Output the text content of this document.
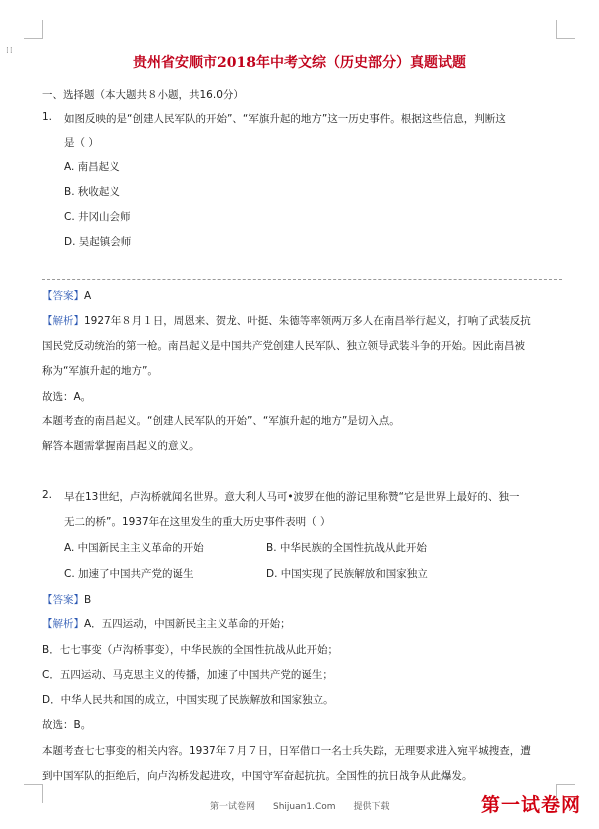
⁞⁞
贵州省安顺市2018年中考文综（历史部分）真题试题
一、选择题（本大题共８小题，共16.0分）
1. 如图反映的是“创建人民军队的开始”、“军旗升起的地方”这一历史事件。根据这些信息，判断这
是（ ）
A. 南昌起义
B. 秋收起义
C. 井冈山会师
D. 吴起镇会师
【答案】A
【解析】1927年８月１日，周恩来、贺龙、叶挺、朱德等率领两万多人在南昌举行起义，打响了武装反抗
国民党反动统治的第一枪。南昌起义是中国共产党创建人民军队、独立领导武装斗争的开始。因此南昌被
称为“军旗升起的地方”。
故选：A。
本题考查的南昌起义。“创建人民军队的开始”、“军旗升起的地方”是切入点。
解答本题需掌握南昌起义的意义。
2. 早在13世纪，卢沟桥就闻名世界。意大利人马可•波罗在他的游记里称赞“它是世界上最好的、独一
无二的桥”。1937年在这里发生的重大历史事件表明（ ）
A. 中国新民主主义革命的开始	B. 中华民族的全国性抗战从此开始
C. 加速了中国共产党的诞生	D. 中国实现了民族解放和国家独立
【答案】B
【解析】A．五四运动，中国新民主主义革命的开始；
B．七七事变（卢沟桥事变），中华民族的全国性抗战从此开始；
C．五四运动、马克思主义的传播，加速了中国共产党的诞生；
D．中华人民共和国的成立，中国实现了民族解放和国家独立。
故选：B。
本题考查七七事变的相关内容。1937年７月７日，日军借口一名士兵失踪，无理要求进入宛平城搜查，遭
到中国军队的拒绝后，向卢沟桥发起进攻，中国守军奋起抗抗。全国性的抗日战争从此爆发。
第一试卷网 Shijuan1.Com 提供下载	第一试卷网
